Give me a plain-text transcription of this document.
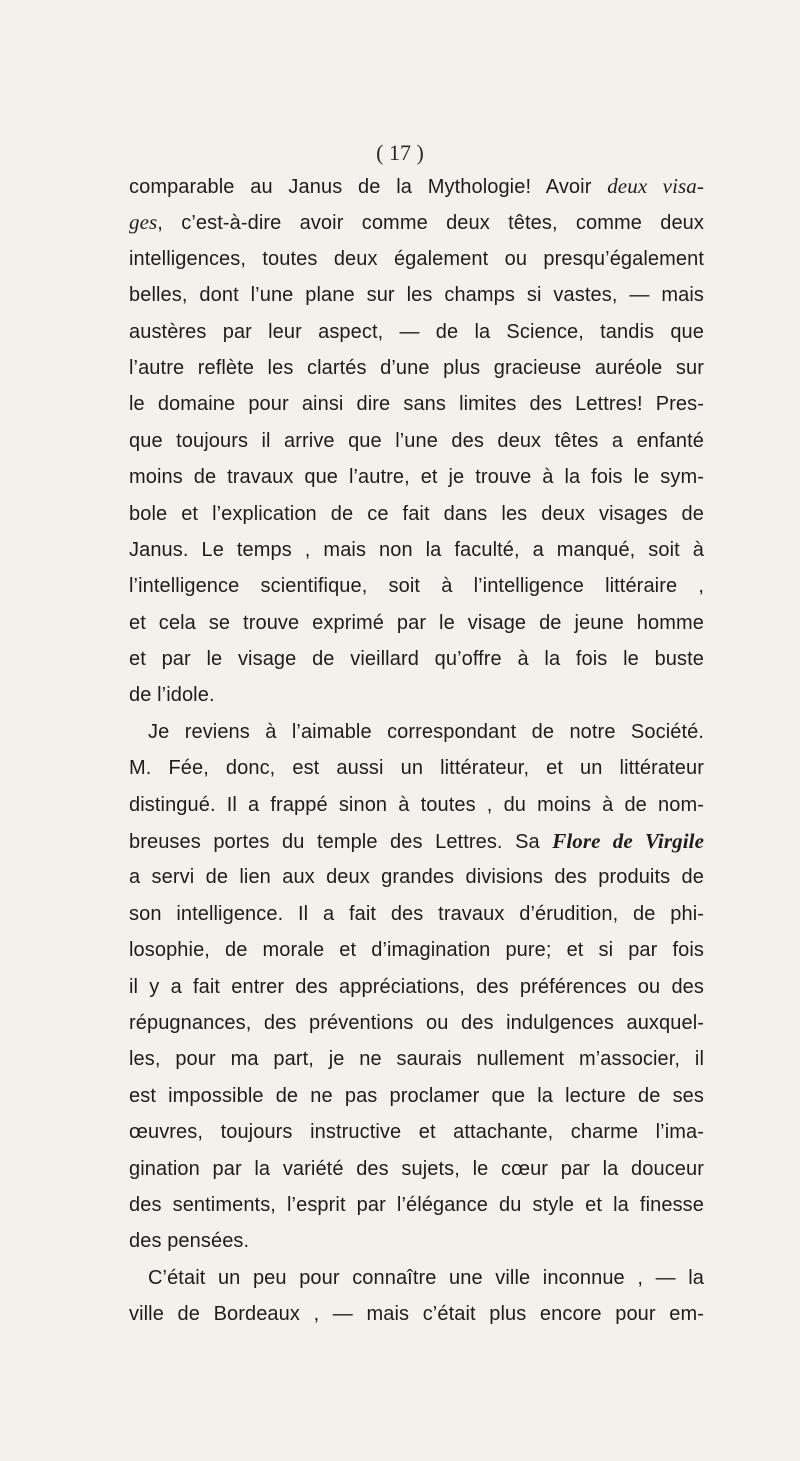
( 17 )
comparable au Janus de la Mythologie! Avoir deux visa-
ges, c’est-à-dire avoir comme deux têtes, comme deux
intelligences, toutes deux également ou presqu’également
belles, dont l’une plane sur les champs si vastes, — mais
austères par leur aspect, — de la Science, tandis que
l’autre reflète les clartés d’une plus gracieuse auréole sur
le domaine pour ainsi dire sans limites des Lettres! Pres-
que toujours il arrive que l’une des deux têtes a enfanté
moins de travaux que l’autre, et je trouve à la fois le sym-
bole et l’explication de ce fait dans les deux visages de
Janus. Le temps , mais non la faculté, a manqué, soit à
l’intelligence scientifique, soit à l’intelligence littéraire ,
et cela se trouve exprimé par le visage de jeune homme
et par le visage de vieillard qu’offre à la fois le buste
de l’idole.
Je reviens à l’aimable correspondant de notre Société.
M. Fée, donc, est aussi un littérateur, et un littérateur
distingué. Il a frappé sinon à toutes , du moins à de nom-
breuses portes du temple des Lettres. Sa Flore de Virgile
a servi de lien aux deux grandes divisions des produits de
son intelligence. Il a fait des travaux d’érudition, de phi-
losophie, de morale et d’imagination pure; et si par fois
il y a fait entrer des appréciations, des préférences ou des
répugnances, des préventions ou des indulgences auxquel-
les, pour ma part, je ne saurais nullement m’associer, il
est impossible de ne pas proclamer que la lecture de ses
œuvres, toujours instructive et attachante, charme l’ima-
gination par la variété des sujets, le cœur par la douceur
des sentiments, l’esprit par l’élégance du style et la finesse
des pensées.
C’était un peu pour connaître une ville inconnue , — la
ville de Bordeaux , — mais c’était plus encore pour em-
